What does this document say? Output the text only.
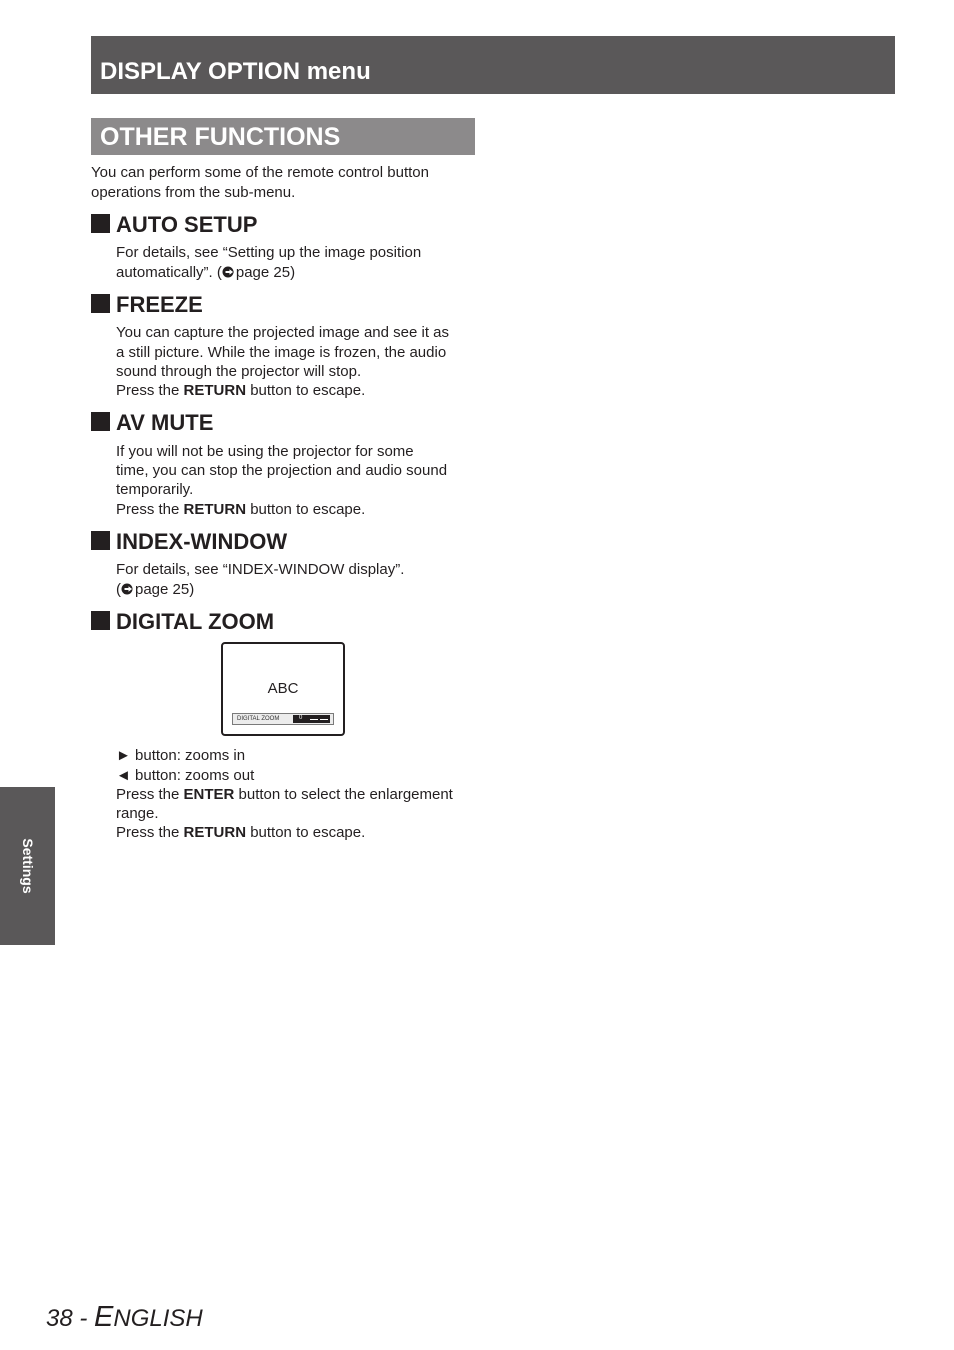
DISPLAY OPTION menu
OTHER FUNCTIONS

You can perform some of the remote control button

operations from the sub-menu.

AUTO SETUP

For details, see “Setting up the image position

automatically”. ( page 25)

FREEZE

You can capture the projected image and see it as

a still picture. While the image is frozen, the audio

sound through the projector will stop.

Press the RETURN button to escape.

AV MUTE

If you will not be using the projector for some

time, you can stop the projection and audio sound

temporarily.

Press the RETURN button to escape.

INDEX-WINDOW

For details, see “INDEX-WINDOW display”.

( page 25)

DIGITAL ZOOM
ABC
DIGITAL ZOOM	0

► button: zooms in

◄ button: zooms out

Press the ENTER button to select the enlargement

range.

Press the RETURN button to escape.

Settings
38 - ENGLISH
